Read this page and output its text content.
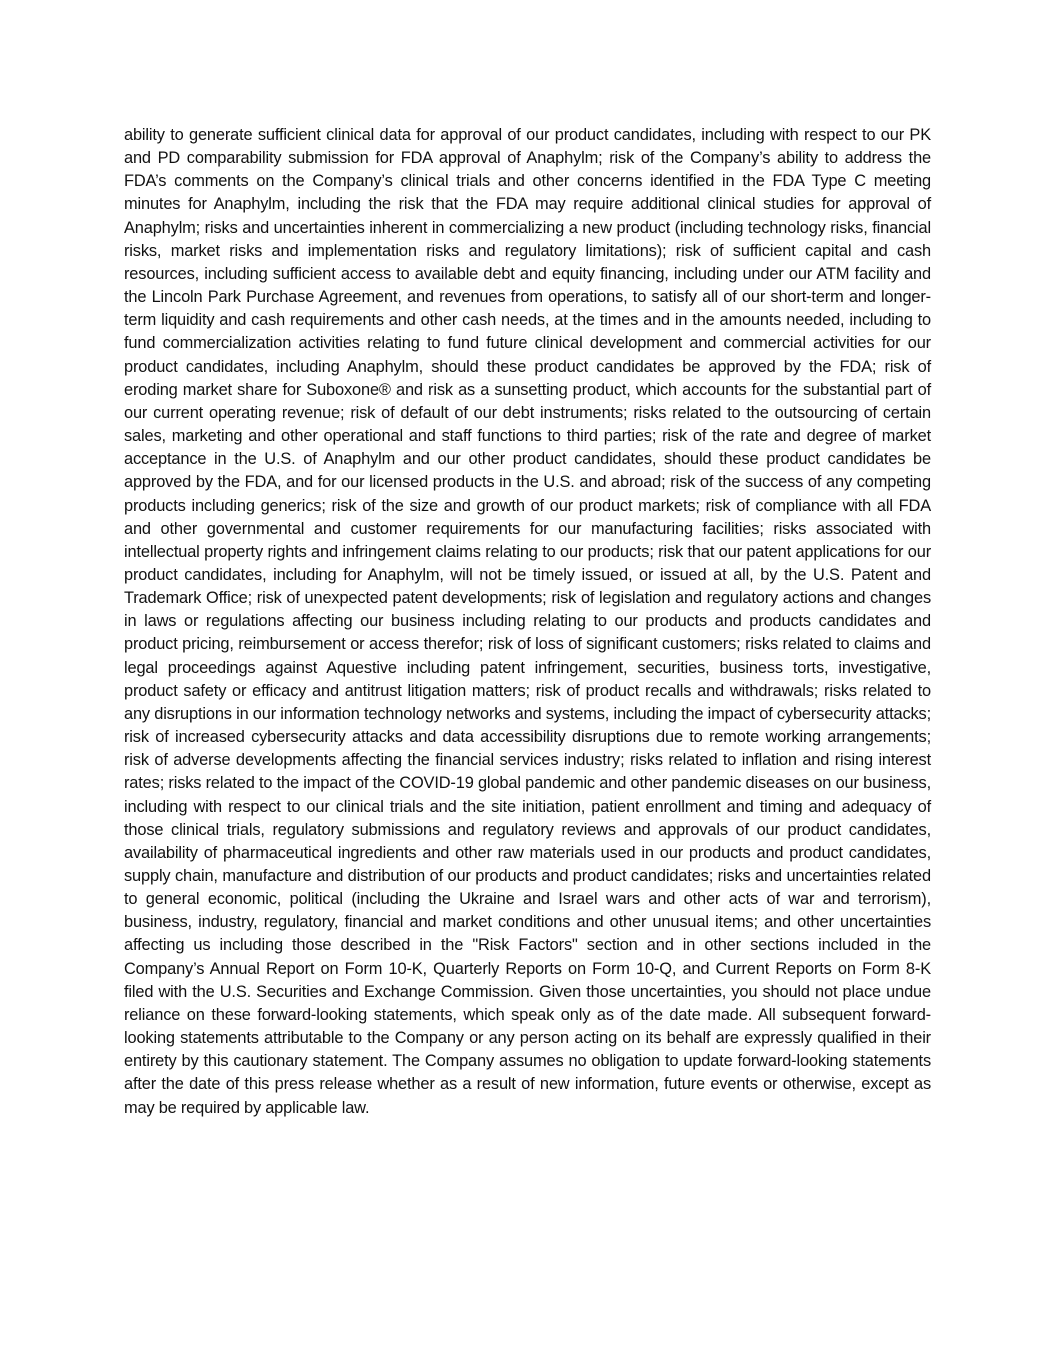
ability to generate sufficient clinical data for approval of our product candidates, including with respect to our PK and PD comparability submission for FDA approval of Anaphylm; risk of the Company’s ability to address the FDA’s comments on the Company’s clinical trials and other concerns identified in the FDA Type C meeting minutes for Anaphylm, including the risk that the FDA may require additional clinical studies for approval of Anaphylm; risks and uncertainties inherent in commercializing a new product (including technology risks, financial risks, market risks and implementation risks and regulatory limitations); risk of sufficient capital and cash resources, including sufficient access to available debt and equity financing, including under our ATM facility and the Lincoln Park Purchase Agreement, and revenues from operations, to satisfy all of our short-term and longer-term liquidity and cash requirements and other cash needs, at the times and in the amounts needed, including to fund commercialization activities relating to fund future clinical development and commercial activities for our product candidates, including Anaphylm, should these product candidates be approved by the FDA; risk of eroding market share for Suboxone® and risk as a sunsetting product, which accounts for the substantial part of our current operating revenue; risk of default of our debt instruments; risks related to the outsourcing of certain sales, marketing and other operational and staff functions to third parties; risk of the rate and degree of market acceptance in the U.S. of Anaphylm and our other product candidates, should these product candidates be approved by the FDA, and for our licensed products in the U.S. and abroad; risk of the success of any competing products including generics; risk of the size and growth of our product markets; risk of compliance with all FDA and other governmental and customer requirements for our manufacturing facilities; risks associated with intellectual property rights and infringement claims relating to our products; risk that our patent applications for our product candidates, including for Anaphylm, will not be timely issued, or issued at all, by the U.S. Patent and Trademark Office; risk of unexpected patent developments; risk of legislation and regulatory actions and changes in laws or regulations affecting our business including relating to our products and products candidates and product pricing, reimbursement or access therefor; risk of loss of significant customers; risks related to claims and legal proceedings against Aquestive including patent infringement, securities, business torts, investigative, product safety or efficacy and antitrust litigation matters; risk of product recalls and withdrawals; risks related to any disruptions in our information technology networks and systems, including the impact of cybersecurity attacks; risk of increased cybersecurity attacks and data accessibility disruptions due to remote working arrangements; risk of adverse developments affecting the financial services industry; risks related to inflation and rising interest rates; risks related to the impact of the COVID-19 global pandemic and other pandemic diseases on our business, including with respect to our clinical trials and the site initiation, patient enrollment and timing and adequacy of those clinical trials, regulatory submissions and regulatory reviews and approvals of our product candidates, availability of pharmaceutical ingredients and other raw materials used in our products and product candidates, supply chain, manufacture and distribution of our products and product candidates; risks and uncertainties related to general economic, political (including the Ukraine and Israel wars and other acts of war and terrorism), business, industry, regulatory, financial and market conditions and other unusual items; and other uncertainties affecting us including those described in the "Risk Factors" section and in other sections included in the Company’s Annual Report on Form 10-K, Quarterly Reports on Form 10-Q, and Current Reports on Form 8-K filed with the U.S. Securities and Exchange Commission. Given those uncertainties, you should not place undue reliance on these forward-looking statements, which speak only as of the date made. All subsequent forward-looking statements attributable to the Company or any person acting on its behalf are expressly qualified in their entirety by this cautionary statement. The Company assumes no obligation to update forward-looking statements after the date of this press release whether as a result of new information, future events or otherwise, except as may be required by applicable law.
